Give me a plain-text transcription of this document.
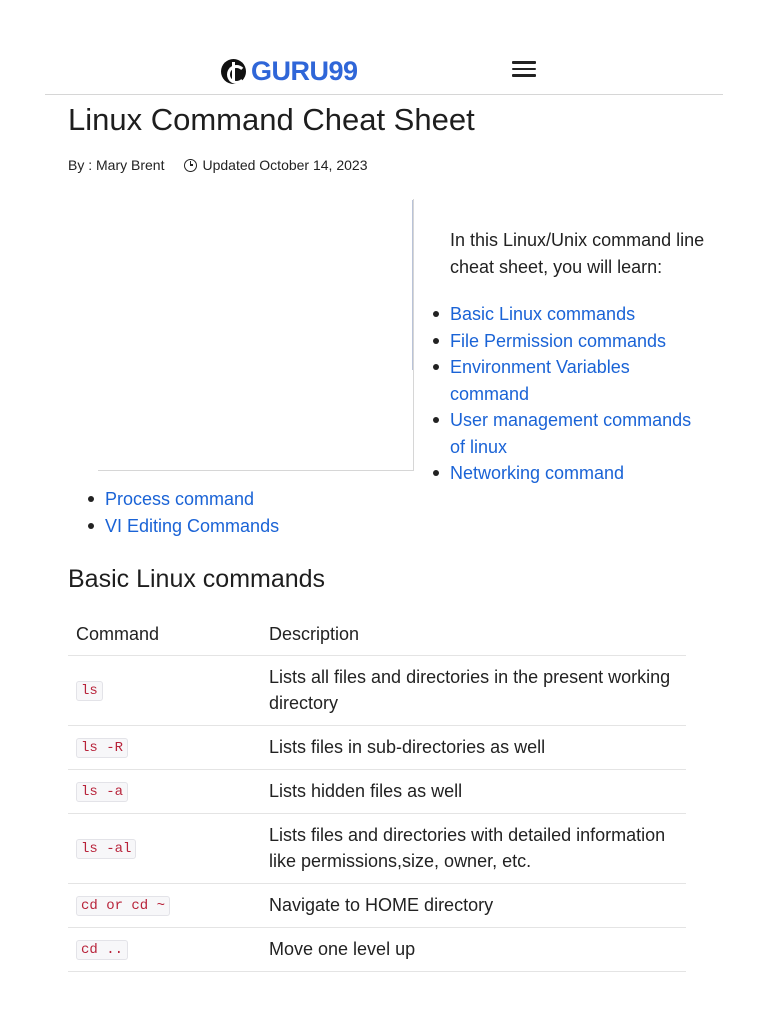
GURU99
Linux Command Cheat Sheet
By : Mary Brent	Updated October 14, 2023

In this Linux/Unix command line cheat sheet, you will learn:

Basic Linux commands
File Permission commands
Environment Variables command
User management commands of linux
Networking command
Process command
VI Editing Commands
Basic Linux commands
Command	Description
ls	Lists all files and directories in the present working directory
ls -R	Lists files in sub-directories as well
ls -a	Lists hidden files as well
ls -al	Lists files and directories with detailed information like permissions,size, owner, etc.
cd or cd ~	Navigate to HOME directory
cd ..	Move one level up
